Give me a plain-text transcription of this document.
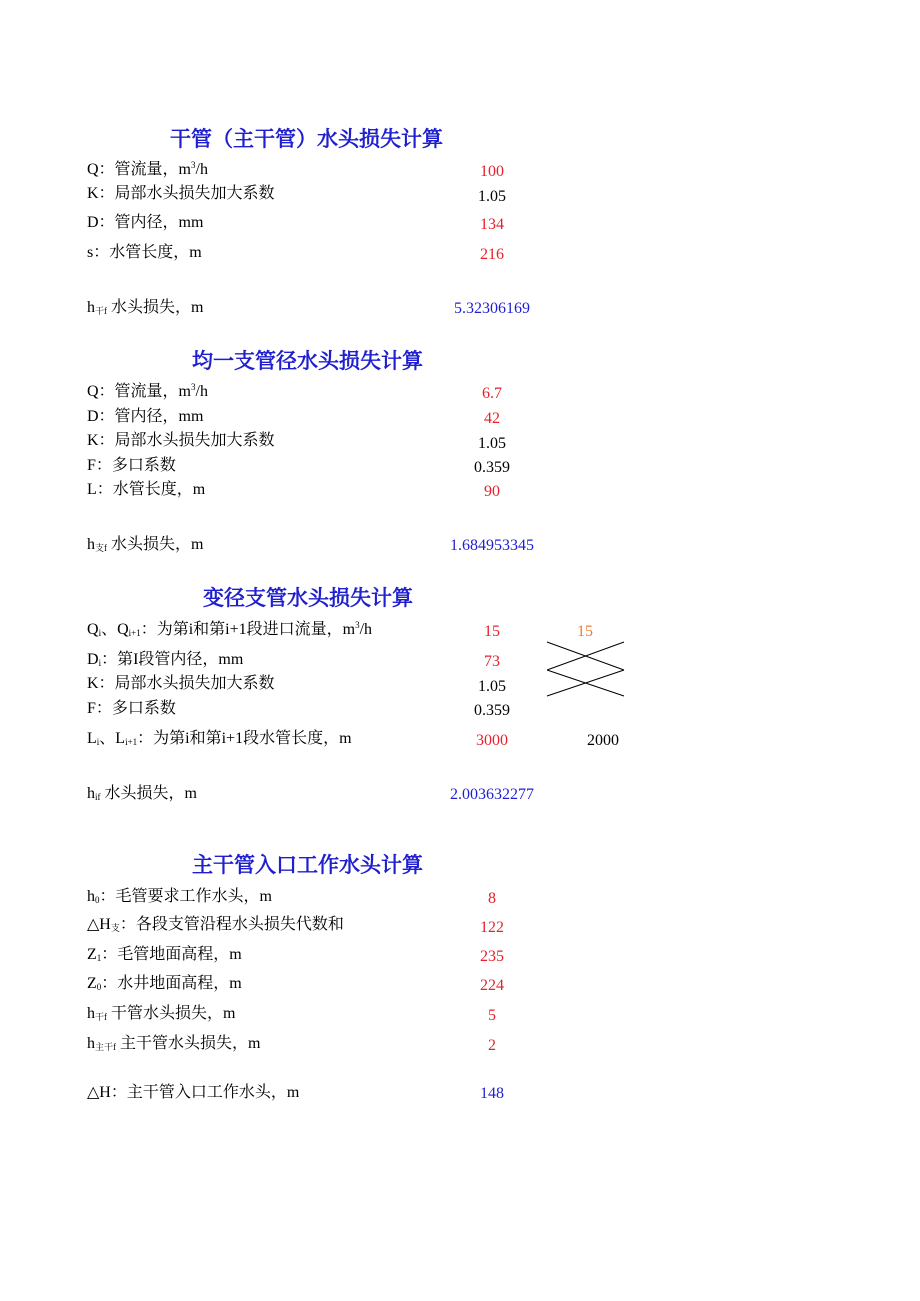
干管（主干管）水头损失计算
Q：管流量，$m^3/h$	100
K：局部水头损失加大系数	1.05
D：管内径，mm	134
s：水管长度，m	216
$h_{干f}$ 水头损失，m	5.32306169
均一支管径水头损失计算
Q：管流量，$m^3/h$	6.7
D：管内径，mm	42
K：局部水头损失加大系数	1.05
F：多口系数	0.359
L：水管长度，m	90
$h_{支f}$ 水头损失，m	1.684953345
变径支管水头损失计算
$Q_i$、$Q_{i+1}$：为第i和第i+1段进口流量，$m^3/h$	15	15
$D_i$：第I段管内径，mm	73
K：局部水头损失加大系数	1.05
F：多口系数	0.359
$L_i$、$L_{i+1}$：为第i和第i+1段水管长度，m	3000	2000
$h_{if}$ 水头损失，m	2.003632277
主干管入口工作水头计算
$h_0$：毛管要求工作水头，m	8
$\triangle H_支$：各段支管沿程水头损失代数和	122
$Z_1$：毛管地面高程，m	235
$Z_0$：水井地面高程，m	224
$h_{干f}$ 干管水头损失，m	5
$h_{主干f}$ 主干管水头损失，m	2
△H：主干管入口工作水头，m	148
